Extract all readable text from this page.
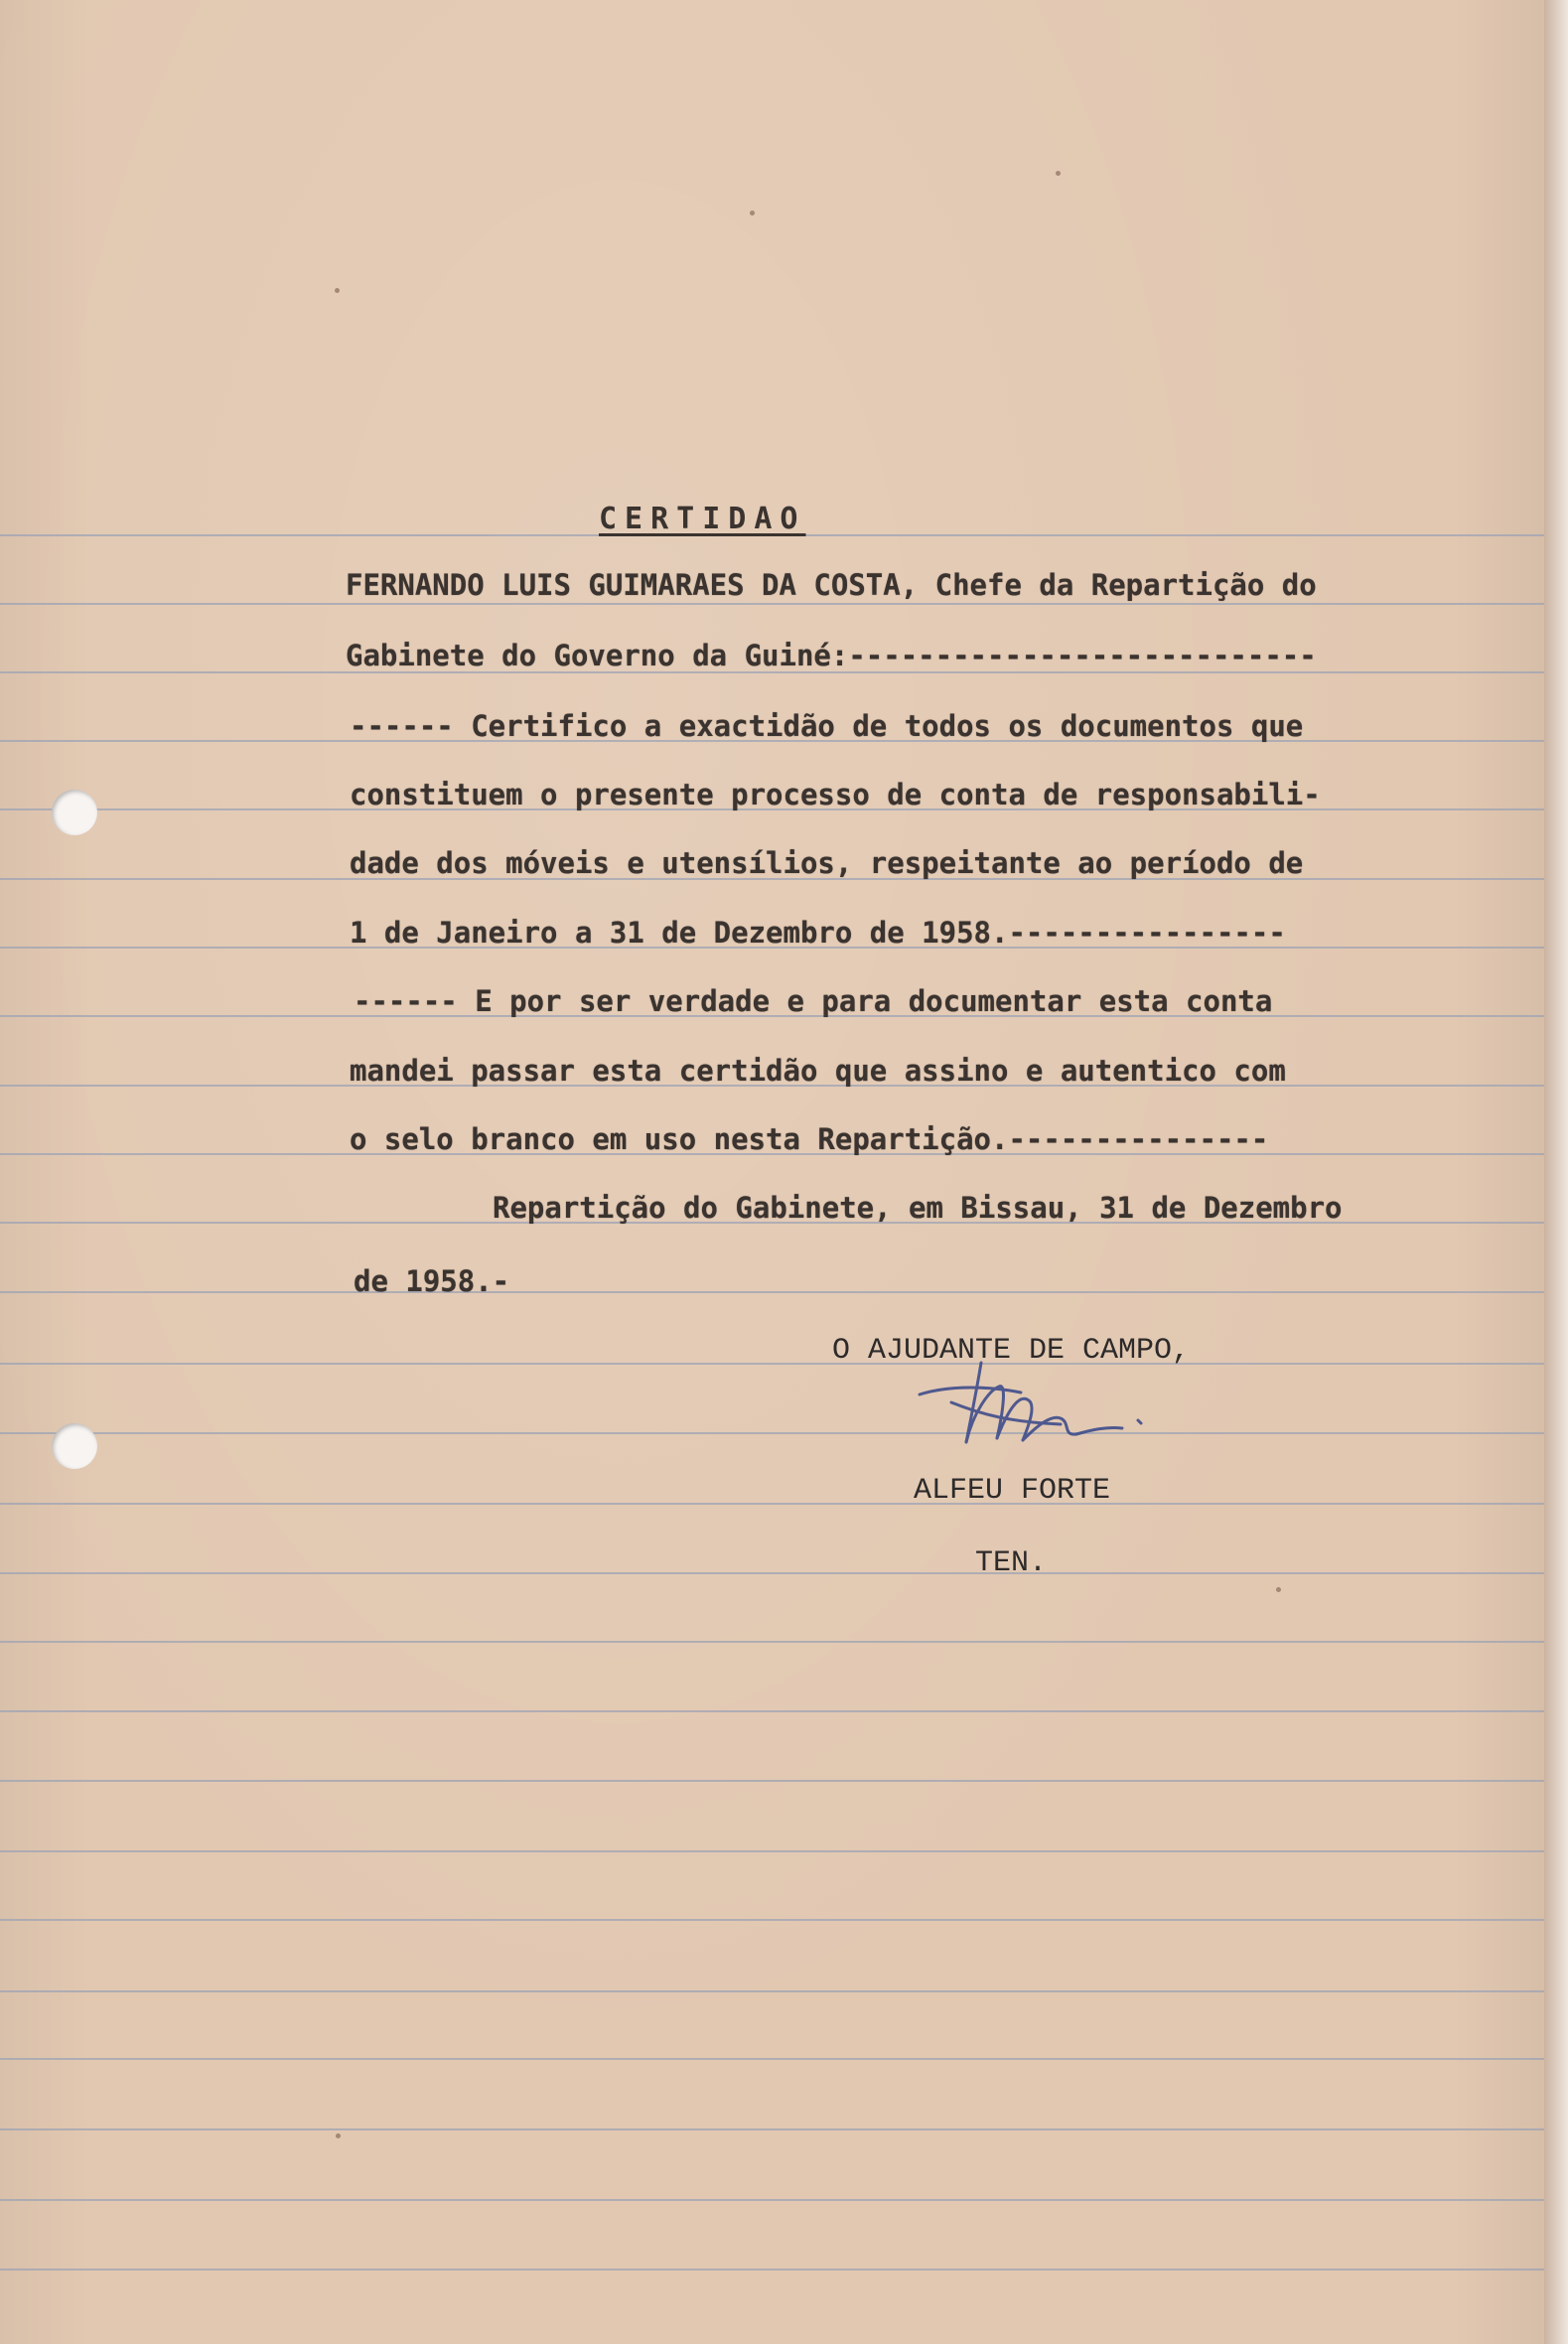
CERTIDAO

FERNANDO LUIS GUIMARAES DA COSTA, Chefe da Repartição do

Gabinete do Governo da Guiné:---------------------------

------ Certifico a exactidão de todos os documentos que

constituem o presente processo de conta de responsabili-

dade dos móveis e utensílios, respeitante ao período de

1 de Janeiro a 31 de Dezembro de 1958.----------------

------ E por ser verdade e para documentar esta conta

mandei passar esta certidão que assino e autentico com

o selo branco em uso nesta Repartição.---------------

Repartição do Gabinete, em Bissau, 31 de Dezembro

de 1958.-

O AJUDANTE DE CAMPO,

ALFEU FORTE

TEN.
